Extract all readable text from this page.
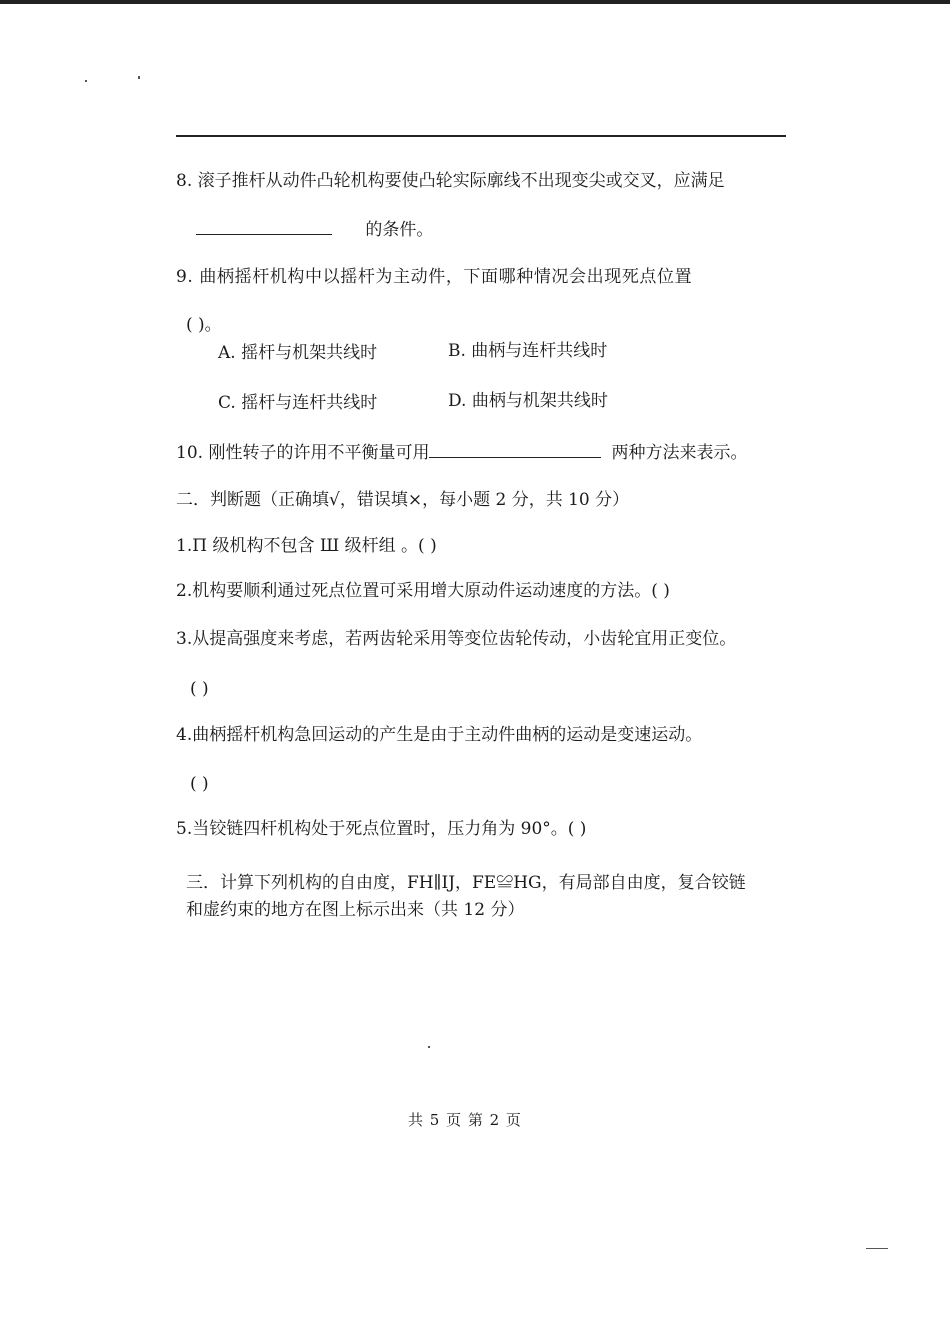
8. 滚子推杆从动件凸轮机构要使凸轮实际廓线不出现变尖或交叉，应满足
的条件。
9. 曲柄摇杆机构中以摇杆为主动件，下面哪种情况会出现死点位置
( )。
A. 摇杆与机架共线时	B. 曲柄与连杆共线时
C. 摇杆与连杆共线时	D. 曲柄与机架共线时
10. 刚性转子的许用不平衡量可用	两种方法来表示。
二．判断题（正确填√，错误填×，每小题 2 分，共 10 分）
1.Π 级机构不包含 Ш 级杆组 。( )
2.机构要顺利通过死点位置可采用增大原动件运动速度的方法。( )
3.从提高强度来考虑，若两齿轮采用等变位齿轮传动，小齿轮宜用正变位。
( )
4.曲柄摇杆机构急回运动的产生是由于主动件曲柄的运动是变速运动。
( )
5.当铰链四杆机构处于死点位置时，压力角为 90°。( )
三．计算下列机构的自由度，FH∥IJ，FE≌HG，有局部自由度，复合铰链
和虚约束的地方在图上标示出来（共 12 分）
共 5 页 第 2 页
